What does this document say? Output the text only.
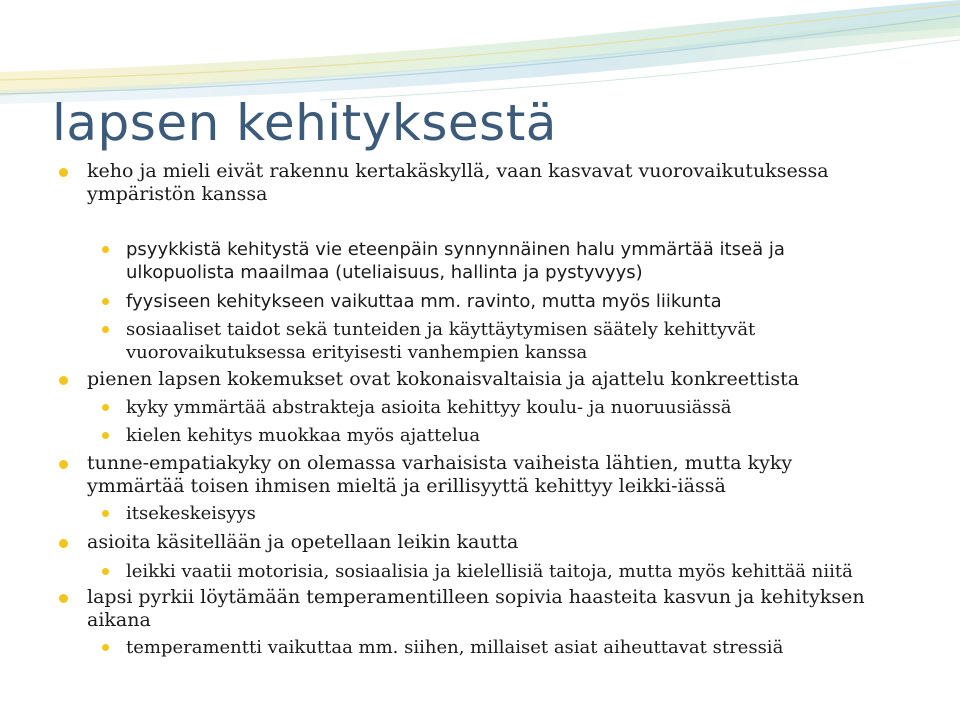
lapsen kehityksestä
keho ja mieli eivät rakennu kertakäskyllä, vaan kasvavat vuorovaikutuksessa
ympäristön kanssa
psyykkistä kehitystä vie eteenpäin synnynnäinen halu ymmärtää itseä ja
ulkopuolista maailmaa (uteliaisuus, hallinta ja pystyvyys)
fyysiseen kehitykseen vaikuttaa mm. ravinto, mutta myös liikunta
sosiaaliset taidot sekä tunteiden ja käyttäytymisen säätely kehittyvät
vuorovaikutuksessa erityisesti vanhempien kanssa
pienen lapsen kokemukset ovat kokonaisvaltaisia ja ajattelu konkreettista
kyky ymmärtää abstrakteja asioita kehittyy koulu- ja nuoruusiässä
kielen kehitys muokkaa myös ajattelua
tunne-empatiakyky on olemassa varhaisista vaiheista lähtien, mutta kyky
ymmärtää toisen ihmisen mieltä ja erillisyyttä kehittyy leikki-iässä
itsekeskeisyys
asioita käsitellään ja opetellaan leikin kautta
leikki vaatii motorisia, sosiaalisia ja kielellisiä taitoja, mutta myös kehittää niitä
lapsi pyrkii löytämään temperamentilleen sopivia haasteita kasvun ja kehityksen
aikana
temperamentti vaikuttaa mm. siihen, millaiset asiat aiheuttavat stressiä
